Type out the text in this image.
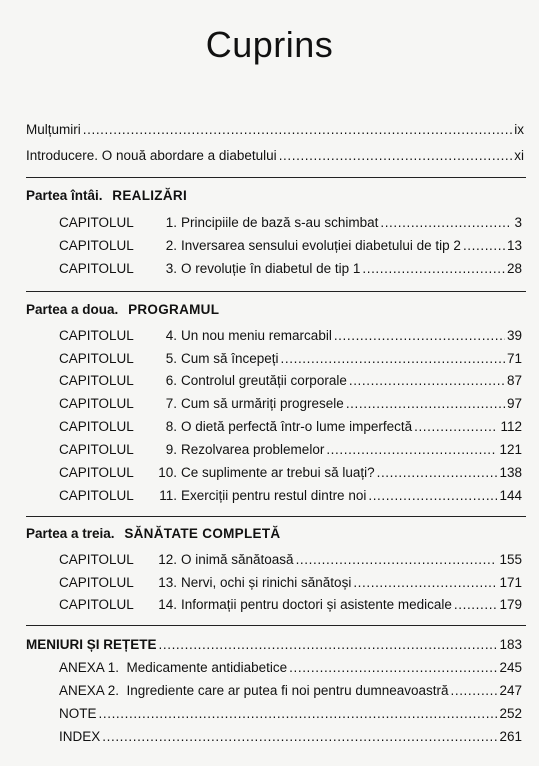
Cuprins
Mulțumiri .....	ix
Introducere. O nouă abordare a diabetului .....	xi
Partea întâi. REALIZĂRI
CAPITOLUL	1. Principiile de bază s-au schimbat .....	3
CAPITOLUL	2. Inversarea sensului evoluției diabetului de tip 2 .....	13
CAPITOLUL	3. O revoluție în diabetul de tip 1 .....	28
Partea a doua. PROGRAMUL
CAPITOLUL	4. Un nou meniu remarcabil .....	39
CAPITOLUL	5. Cum să începeți .....	71
CAPITOLUL	6. Controlul greutății corporale .....	87
CAPITOLUL	7. Cum să urmăriți progresele .....	97
CAPITOLUL	8. O dietă perfectă într-o lume imperfectă .....	112
CAPITOLUL	9. Rezolvarea problemelor .....	121
CAPITOLUL	10. Ce suplimente ar trebui să luați? .....	138
CAPITOLUL	11. Exerciții pentru restul dintre noi .....	144
Partea a treia. SĂNĂTATE COMPLETĂ
CAPITOLUL	12. O inimă sănătoasă .....	155
CAPITOLUL	13. Nervi, ochi și rinichi sănătoși .....	171
CAPITOLUL	14. Informații pentru doctori și asistente medicale .....	179
MENIURI ȘI REȚETE .....	183
ANEXA 1.  Medicamente antidiabetice .....	245
ANEXA 2.  Ingrediente care ar putea fi noi pentru dumneavoastră .....	247
NOTE .....	252
INDEX .....	261
